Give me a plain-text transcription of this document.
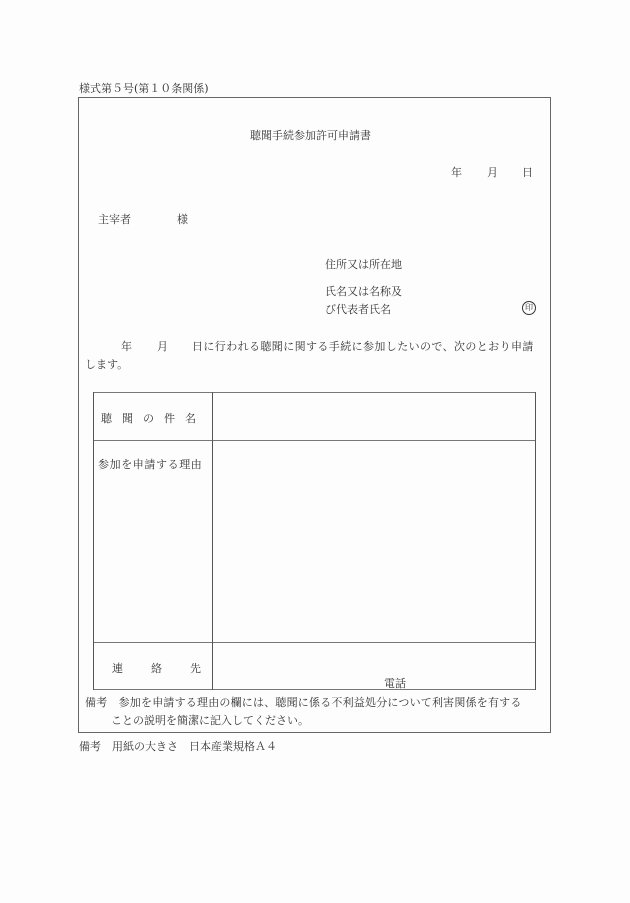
様式第５号(第１０条関係)
聴聞手続参加許可申請書
年 月 日
主宰者	様
住所又は所在地
氏名又は名称及
び代表者氏名	印
年 月 日に行われる聴聞に関する手続に参加したいので、次のとおり申請
します。
聴聞の件名
参加を申請する理由
連絡先
電話
備考　参加を申請する理由の欄には、聴聞に係る不利益処分について利害関係を有する
ことの説明を簡潔に記入してください。
備考　用紙の大きさ　日本産業規格Ａ４
